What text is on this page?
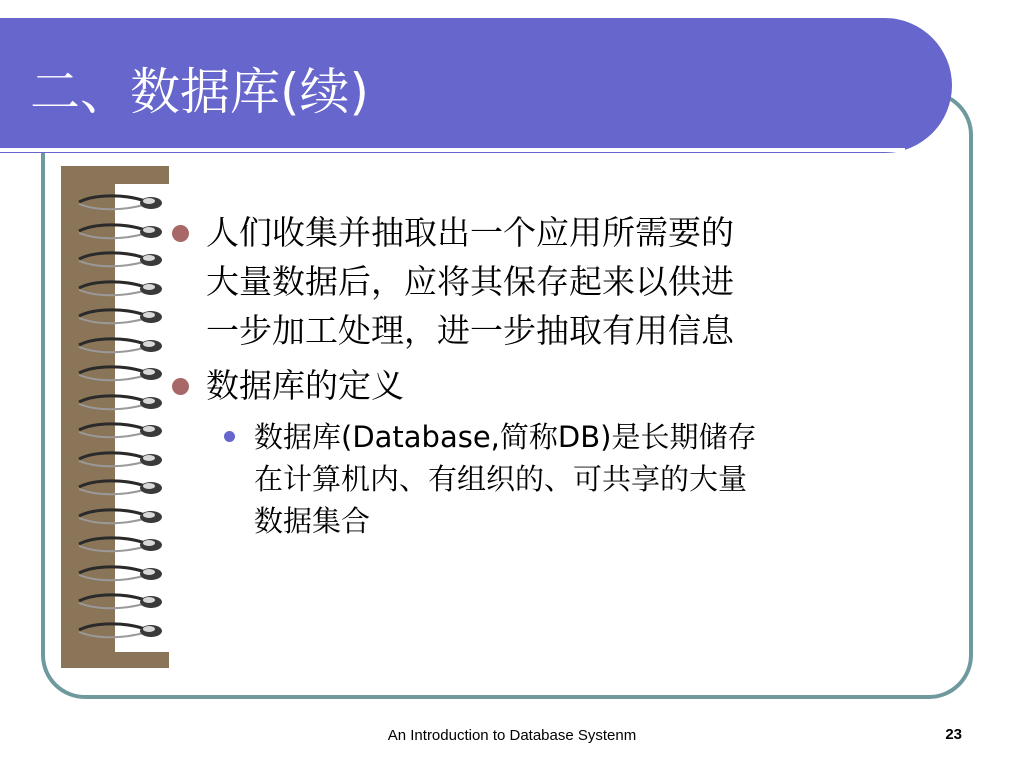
二、数据库(续)
人们收集并抽取出一个应用所需要的
大量数据后，应将其保存起来以供进
一步加工处理，进一步抽取有用信息
数据库的定义
数据库(Database,简称DB)是长期储存
在计算机内、有组织的、可共享的大量
数据集合
An Introduction to Database Systenm	23
